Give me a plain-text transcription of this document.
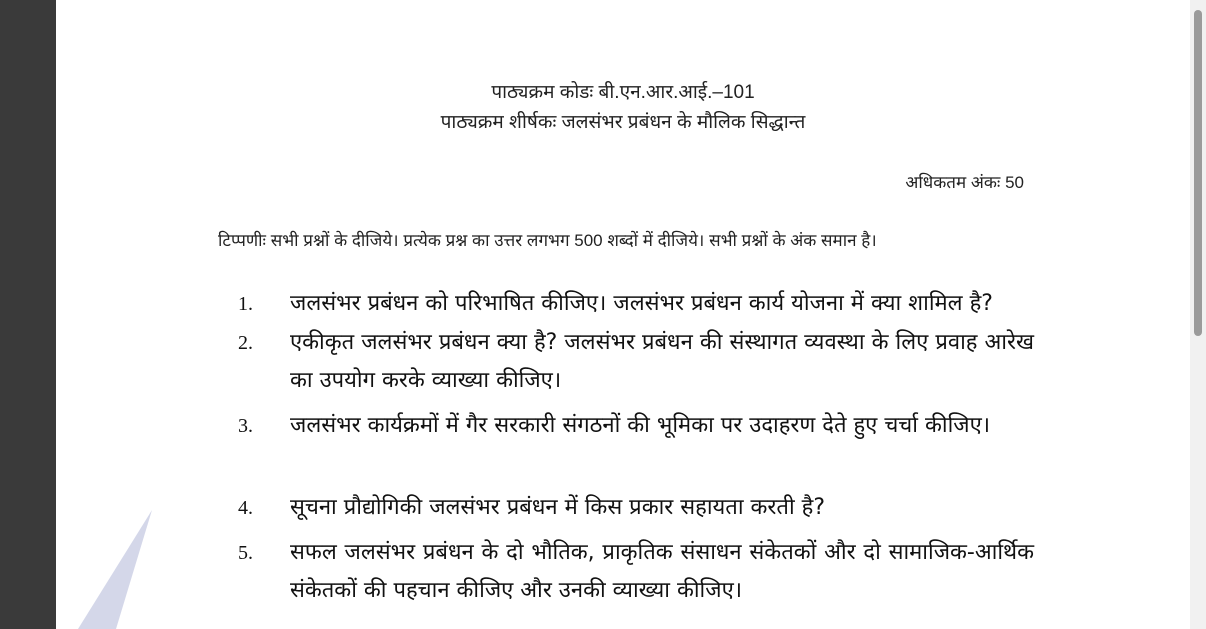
पाठ्यक्रम कोडः बी.एन.आर.आई.–101
पाठ्यक्रम शीर्षकः जलसंभर प्रबंधन के मौलिक सिद्धान्त
अधिकतम अंकः 50
टिप्पणीः सभी प्रश्नों के दीजिये। प्रत्येक प्रश्न का उत्तर लगभग 500 शब्दों में दीजिये। सभी प्रश्नों के अंक समान है।
1.	जलसंभर प्रबंधन को परिभाषित कीजिए। जलसंभर प्रबंधन कार्य योजना में क्या शामिल है?
2.	एकीकृत जलसंभर प्रबंधन क्या है? जलसंभर प्रबंधन की संस्थागत व्यवस्था के लिए प्रवाह आरेख का उपयोग करके व्याख्या कीजिए।
3.	जलसंभर कार्यक्रमों में गैर सरकारी संगठनों की भूमिका पर उदाहरण देते हुए चर्चा कीजिए।
4.	सूचना प्रौद्योगिकी जलसंभर प्रबंधन में किस प्रकार सहायता करती है?
5.	सफल जलसंभर प्रबंधन के दो भौतिक, प्राकृतिक संसाधन संकेतकों और दो सामाजिक-आर्थिक संकेतकों की पहचान कीजिए और उनकी व्याख्या कीजिए।
